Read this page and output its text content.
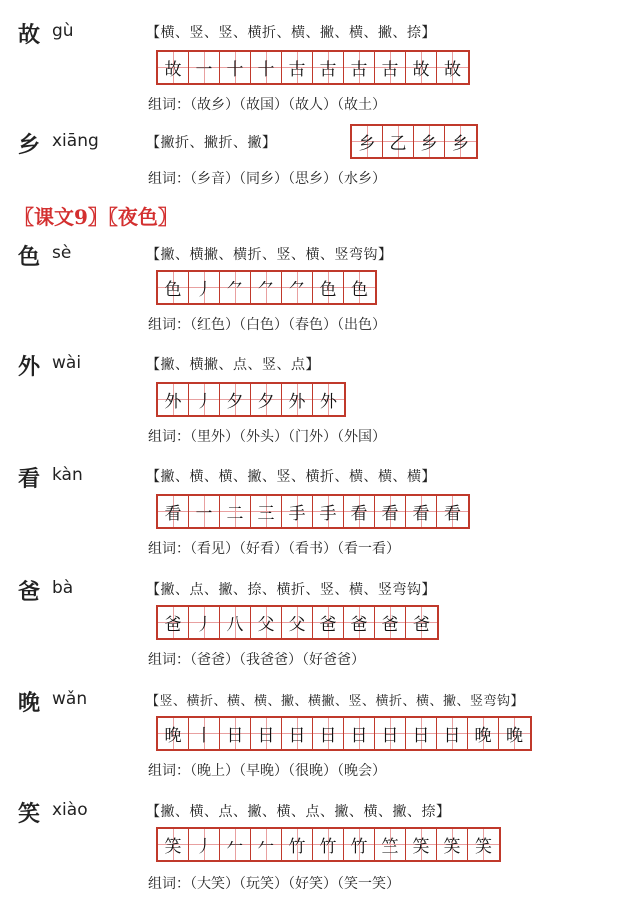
〖课文9〗〖夜色〗
故 gù	【横、竖、竖、横折、横、撇、横、撇、捺】
故 一 十 十 古 古 古 古 故 故
组词：（故乡）（故国）（故人）（故土）
乡 xiāng	【撇折、撇折、撇】	乡 乙 乡 乡
组词：（乡音）（同乡）（思乡）（水乡）
色 sè	【撇、横撇、横折、竖、横、竖弯钩】
色 丿 ⺈ ⺈ ⺈ 色 色
组词：（红色）（白色）（春色）（出色）
外 wài	【撇、横撇、点、竖、点】
外 丿 夕 夕 外 外
组词：（里外）（外头）（门外）（外国）
看 kàn	【撇、横、横、撇、竖、横折、横、横、横】
看 一 二 三 手 手 看 看 看 看
组词：（看见）（好看）（看书）（看一看）
爸 bà	【撇、点、撇、捺、横折、竖、横、竖弯钩】
爸 丿 八 父 父 爸 爸 爸 爸
组词：（爸爸）（我爸爸）（好爸爸）
晚 wǎn	【竖、横折、横、横、撇、横撇、竖、横折、横、撇、竖弯钩】
晚 丨 日 日 日 日 日 日 日 日 晚 晚
组词：（晚上）（早晚）（很晚）（晚会）
笑 xiào	【撇、横、点、撇、横、点、撇、横、撇、捺】
笑 丿 𠂉 𠂉 竹 竹 竹 竺 笑 笑 笑
组词：（大笑）（玩笑）（好笑）（笑一笑）
